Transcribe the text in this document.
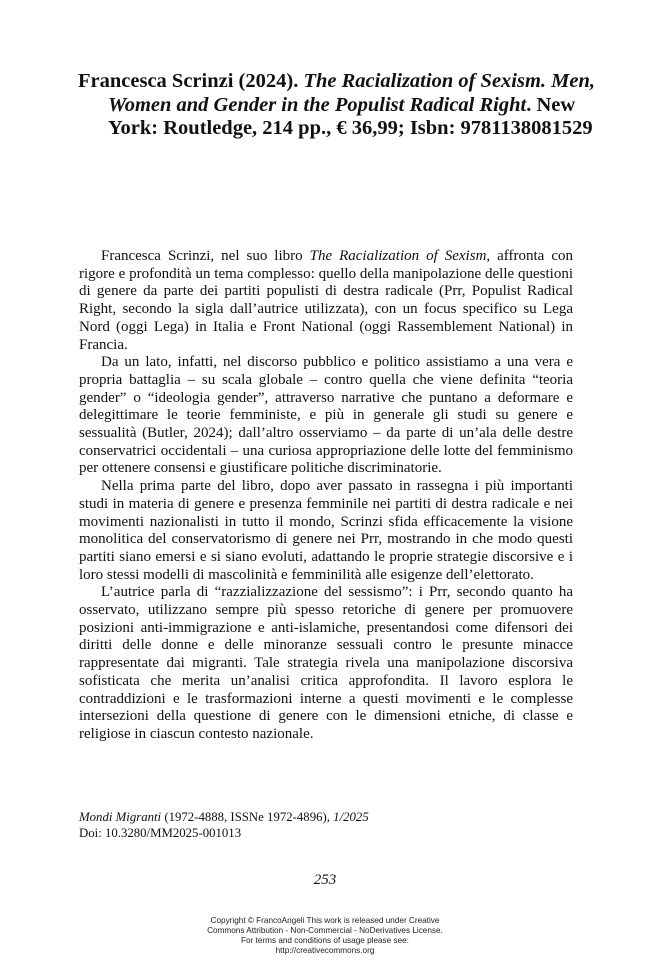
Francesca Scrinzi (2024). The Racialization of Sexism. Men, Women and Gender in the Populist Radical Right. New York: Routledge, 214 pp., € 36,99; Isbn: 9781138081529

Francesca Scrinzi, nel suo libro The Racialization of Sexism, affronta con rigore e profondità un tema complesso: quello della manipolazione delle questioni di genere da parte dei partiti populisti di destra radicale (Prr, Populist Radical Right, secondo la sigla dall’autrice utilizzata), con un focus specifico su Lega Nord (oggi Lega) in Italia e Front National (oggi Rassemblement National) in Francia.

Da un lato, infatti, nel discorso pubblico e politico assistiamo a una vera e propria battaglia – su scala globale – contro quella che viene definita “teoria gender” o “ideologia gender”, attraverso narrative che puntano a deformare e delegittimare le teorie femministe, e più in generale gli studi su genere e sessualità (Butler, 2024); dall’altro osserviamo – da parte di un’ala delle destre conservatrici occidentali – una curiosa appropriazione delle lotte del femminismo per ottenere consensi e giustificare politiche discriminatorie.

Nella prima parte del libro, dopo aver passato in rassegna i più importanti studi in materia di genere e presenza femminile nei partiti di destra radicale e nei movimenti nazionalisti in tutto il mondo, Scrinzi sfida efficacemente la visione monolitica del conservatorismo di genere nei Prr, mostrando in che modo questi partiti siano emersi e si siano evoluti, adattando le proprie strategie discorsive e i loro stessi modelli di mascolinità e femminilità alle esigenze dell’elettorato.

L’autrice parla di “razzializzazione del sessismo”: i Prr, secondo quanto ha osservato, utilizzano sempre più spesso retoriche di genere per promuovere posizioni anti-immigrazione e anti-islamiche, presentandosi come difensori dei diritti delle donne e delle minoranze sessuali contro le presunte minacce rappresentate dai migranti. Tale strategia rivela una manipolazione discorsiva sofisticata che merita un’analisi critica approfondita. Il lavoro esplora le contraddizioni e le trasformazioni interne a questi movimenti e le complesse intersezioni della questione di genere con le dimensioni etniche, di classe e religiose in ciascun contesto nazionale.

Mondi Migranti (1972-4888, ISSNe 1972-4896), 1/2025
Doi: 10.3280/MM2025-001013
253
Copyright © FrancoAngeli This work is released under Creative
Commons Attribution - Non-Commercial - NoDerivatives License.
For terms and conditions of usage please see:
http://creativecommons.org
